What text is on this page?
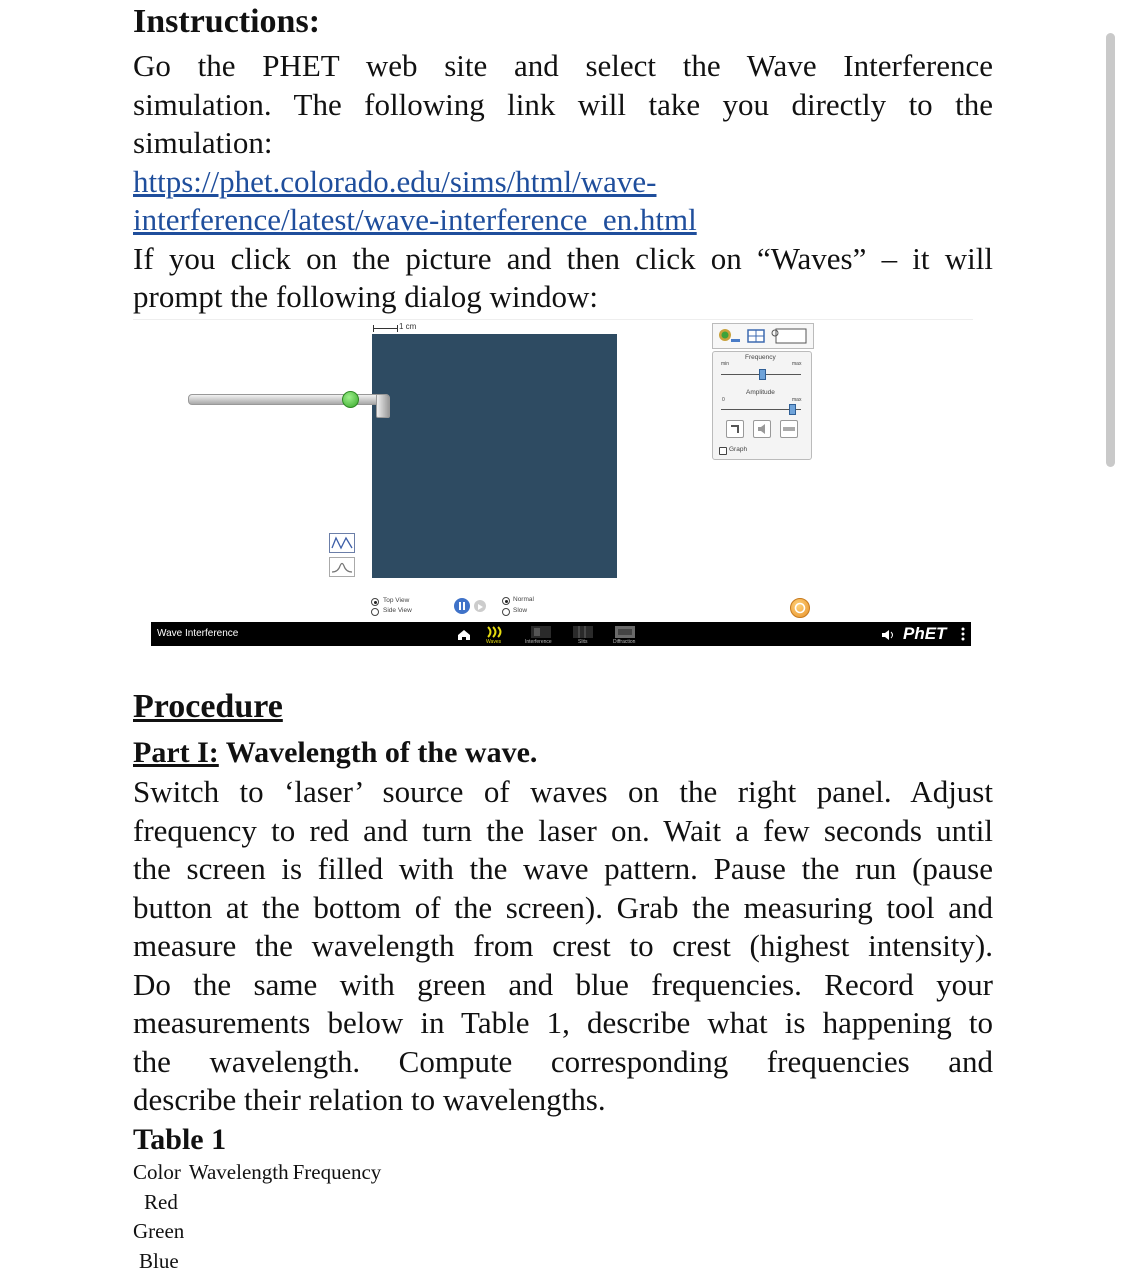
Instructions:
Go the PHET web site and select the Wave Interference
simulation. The following link will take you directly to the
simulation:
https://phet.colorado.edu/sims/html/wave-
interference/latest/wave-interference_en.html
If you click on the picture and then click on “Waves” – it will
prompt the following dialog window:
1 cm
Frequency
min	max
Amplitude
0	max
Graph
Top View
Side View
Normal
Slow
Wave Interference
Waves	Interference	Slits	Diffraction	PhET
Procedure
Part I: Wavelength of the wave.
Switch to ‘laser’ source of waves on the right panel. Adjust
frequency to red and turn the laser on. Wait a few seconds until
the screen is filled with the wave pattern. Pause the run (pause
button at the bottom of the screen). Grab the measuring tool and
measure the wavelength from crest to crest (highest intensity).
Do the same with green and blue frequencies. Record your
measurements below in Table 1, describe what is happening to
the wavelength. Compute corresponding frequencies and
describe their relation to wavelengths.
Table 1
Color	Wavelength	Frequency
Red		
Green		
Blue		
